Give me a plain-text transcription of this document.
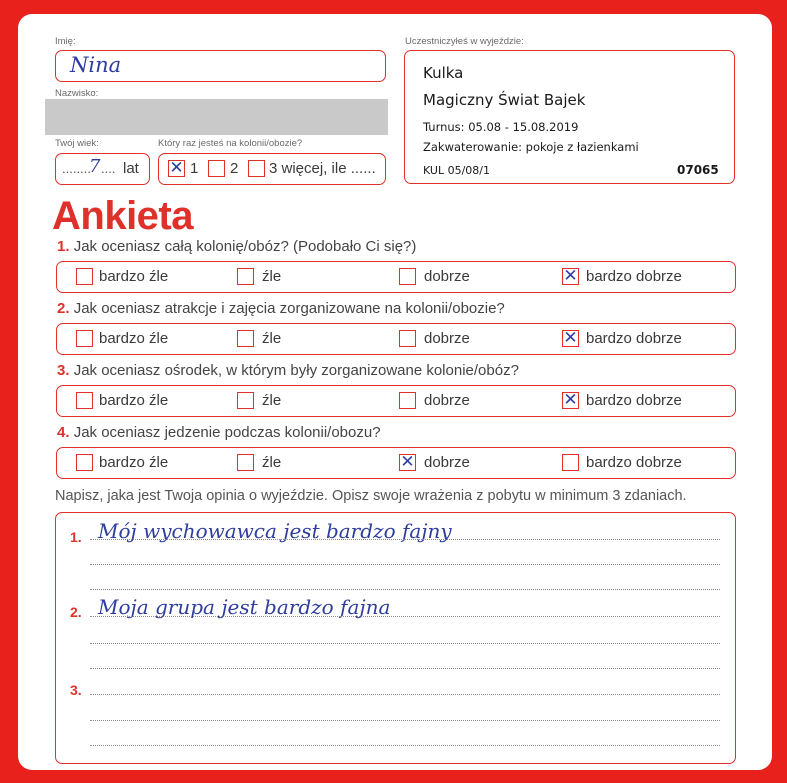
Imię:
Nina
Nazwisko:
Twój wiek:
........
7 .... lat
Który raz jesteś na kolonii/obozie?
✕ 1 2 3 więcej, ile ......
Uczestniczyłeś w wyjeździe:
Kulka
Magiczny Świat Bajek
Turnus: 05.08 - 15.08.2019
Zakwaterowanie: pokoje z łazienkami
KUL 05/08/1	07065
Ankieta
1. Jak oceniasz całą kolonię/obóz? (Podobało Ci się?)
bardzo źle	źle	dobrze	✕ bardzo dobrze
2. Jak oceniasz atrakcje i zajęcia zorganizowane na kolonii/obozie?
bardzo źle	źle	dobrze	✕ bardzo dobrze
3. Jak oceniasz ośrodek, w którym były zorganizowane kolonie/obóz?
bardzo źle	źle	dobrze	✕ bardzo dobrze
4. Jak oceniasz jedzenie podczas kolonii/obozu?
bardzo źle	źle	✕ dobrze	bardzo dobrze
Napisz, jaka jest Twoja opinia o wyjeździe. Opisz swoje wrażenia z pobytu w minimum 3 zdaniach.
1. Mój wychowawca jest bardzo fajny
2. Moja grupa jest bardzo fajna
3.
